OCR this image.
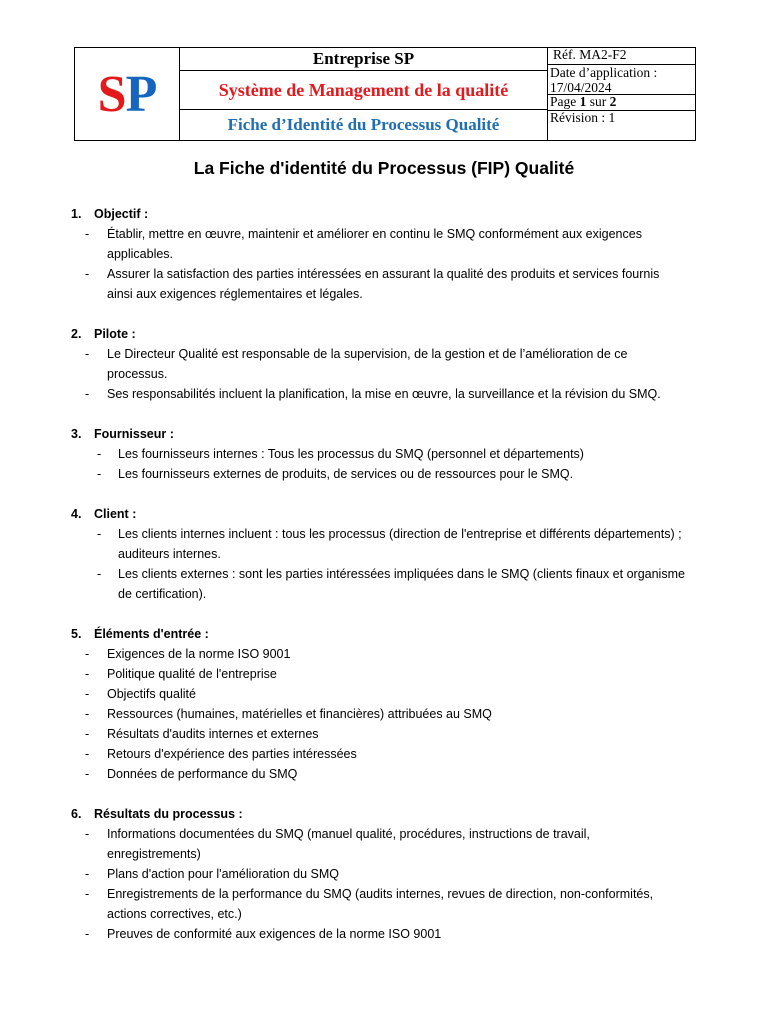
S P
Entreprise SP
Système de Management de la qualité
Fiche d’Identité du Processus Qualité
Réf. MA2-F2
Date d’application :
17/04/2024
Page 1 sur 2
Révision : 1
La Fiche d'identité du Processus (FIP) Qualité
1. Objectif :
- Établir, mettre en œuvre, maintenir et améliorer en continu le SMQ conformément aux exigences applicables.
- Assurer la satisfaction des parties intéressées en assurant la qualité des produits et services fournis ainsi aux exigences réglementaires et légales.
2. Pilote :
- Le Directeur Qualité est responsable de la supervision, de la gestion et de l’amélioration de ce processus.
- Ses responsabilités incluent la planification, la mise en œuvre, la surveillance et la révision du SMQ.
3. Fournisseur :
- Les fournisseurs internes : Tous les processus du SMQ (personnel et départements)
- Les fournisseurs externes de produits, de services ou de ressources pour le SMQ.
4. Client :
- Les clients internes incluent : tous les processus (direction de l'entreprise et différents départements) ; auditeurs internes.
- Les clients externes : sont les parties intéressées impliquées dans le SMQ (clients finaux et organisme de certification).
5. Éléments d'entrée :
- Exigences de la norme ISO 9001
- Politique qualité de l'entreprise
- Objectifs qualité
- Ressources (humaines, matérielles et financières) attribuées au SMQ
- Résultats d'audits internes et externes
- Retours d'expérience des parties intéressées
- Données de performance du SMQ
6. Résultats du processus :
- Informations documentées du SMQ (manuel qualité, procédures, instructions de travail, enregistrements)
- Plans d'action pour l'amélioration du SMQ
- Enregistrements de la performance du SMQ (audits internes, revues de direction, non-conformités, actions correctives, etc.)
- Preuves de conformité aux exigences de la norme ISO 9001
